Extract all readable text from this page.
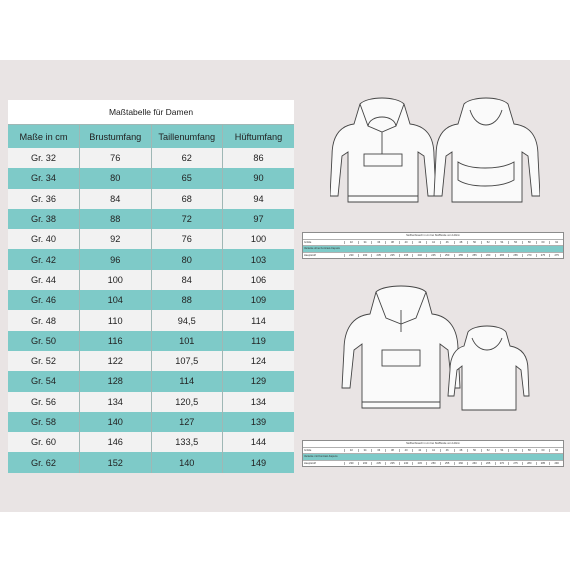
Maßtabelle für Damen			
Maße in cm	Brustumfang	Taillenumfang	Hüftumfang
Gr. 32	76	62	86
Gr. 34	80	65	90
Gr. 36	84	68	94
Gr. 38	88	72	97
Gr. 40	92	76	100
Gr. 42	96	80	103
Gr. 44	100	84	106
Gr. 46	104	88	109
Gr. 48	110	94,5	114
Gr. 50	116	101	119
Gr. 52	122	107,5	124
Gr. 54	128	114	129
Gr. 56	134	120,5	134
Gr. 58	140	127	139
Gr. 60	146	133,5	144
Gr. 62	152	140	149
Stoffverbrauch in cm bei Stoffbreite von 140cm
Größe	32	34	36	38	40	42	44	46	48	50	52	54	56	58	60	62
Variante ohne Kontrast-Kapuze
Hauptstoff	230	230	235	235	235	240	245	250	255	255	260	265	265	270	275	275
Stoffverbrauch in cm bei Stoffbreite von 140cm
Größe	32	34	36	38	40	42	44	46	48	50	52	54	56	58	60	62
Variante mit Kontrast-Kapuze
Hauptstoff	230	230	235	235	240	245	250	255	260	260	265	270	275	280	285	290
